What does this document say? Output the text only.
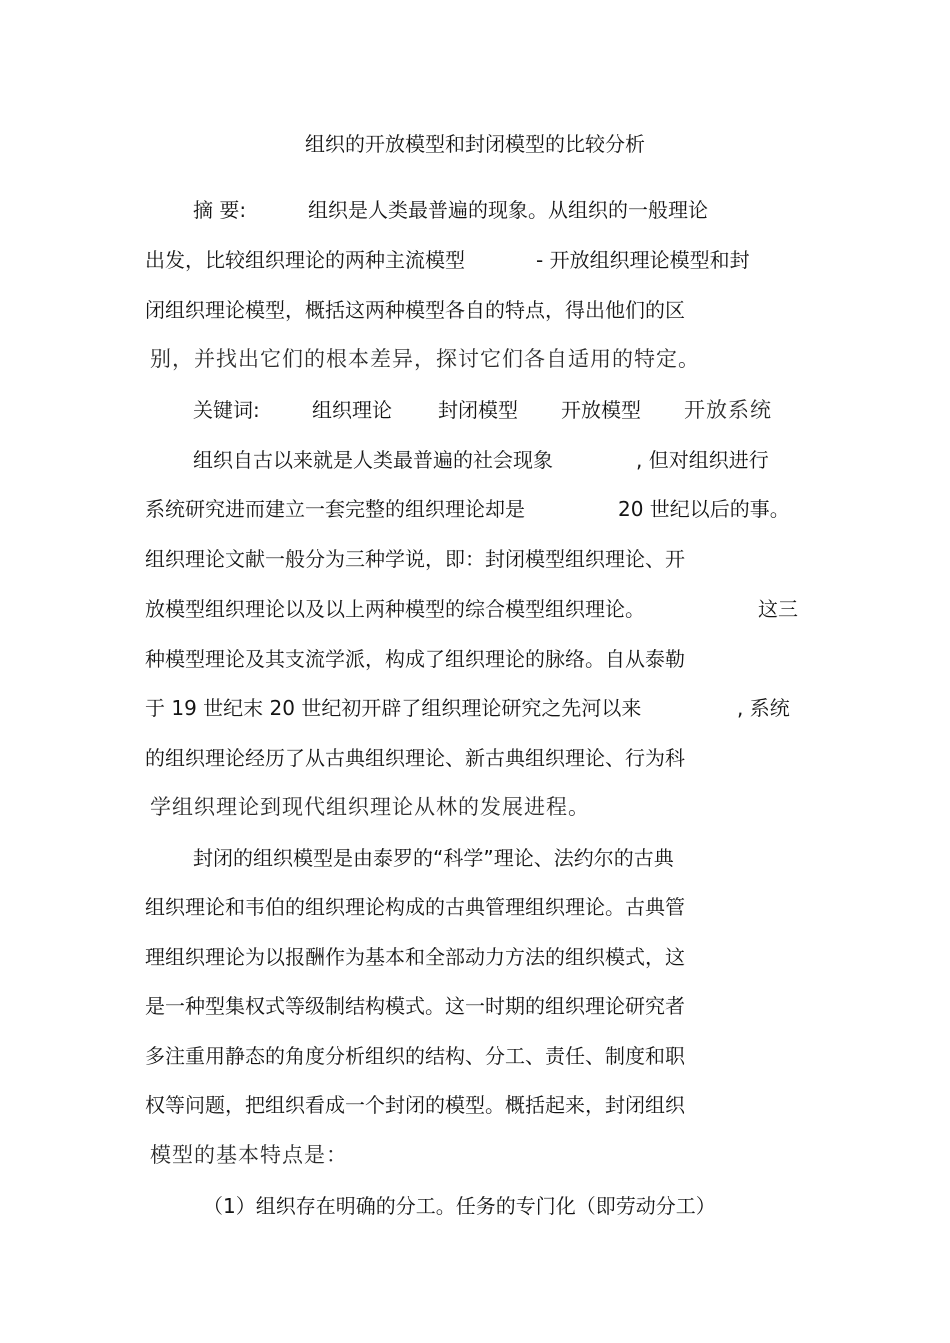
组织的开放模型和封闭模型的比较分析
摘 要:	组织是人类最普遍的现象。从组织的一般理论
出发，比较组织理论的两种主流模型	- 开放组织理论模型和封
闭组织理论模型，概括这两种模型各自的特点，得出他们的区
别，并找出它们的根本差异，探讨它们各自适用的特定。
关键词:	组织理论 封闭模型 开放模型 开放系统
组织自古以来就是人类最普遍的社会现象	, 但对组织进行
系统研究进而建立一套完整的组织理论却是	20 世纪以后的事。
组织理论文献一般分为三种学说，即：封闭模型组织理论、开
放模型组织理论以及以上两种模型的综合模型组织理论。	这三
种模型理论及其支流学派，构成了组织理论的脉络。自从泰勒
于 19 世纪末 20 世纪初开辟了组织理论研究之先河以来	, 系统
的组织理论经历了从古典组织理论、新古典组织理论、行为科
学组织理论到现代组织理论从林的发展进程。
封闭的组织模型是由泰罗的“科学”理论、法约尔的古典
组织理论和韦伯的组织理论构成的古典管理组织理论。古典管
理组织理论为以报酬作为基本和全部动力方法的组织模式，这
是一种型集权式等级制结构模式。这一时期的组织理论研究者
多注重用静态的角度分析组织的结构、分工、责任、制度和职
权等问题，把组织看成一个封闭的模型。概括起来，封闭组织
模型的基本特点是：
（1）组织存在明确的分工。任务的专门化（即劳动分工）
